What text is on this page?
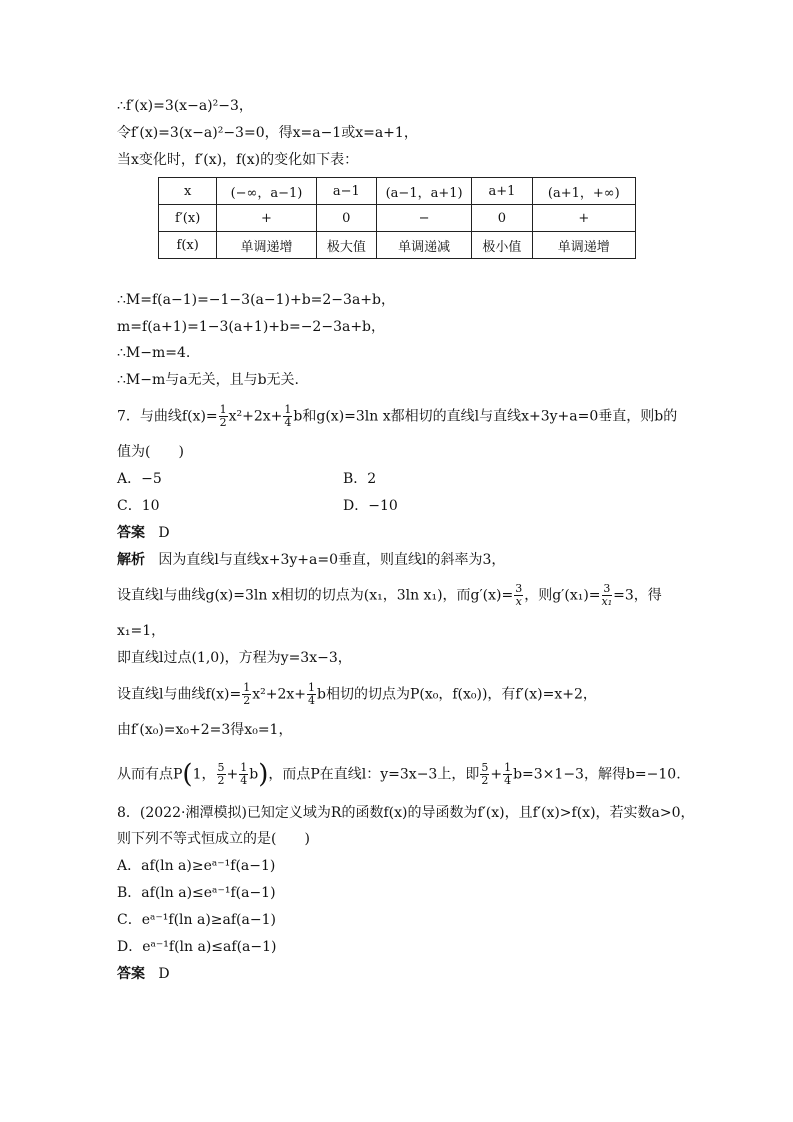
∴f′(x)=3(x−a)²−3，
令f′(x)=3(x−a)²−3=0，得x=a−1或x=a+1，
当x变化时，f′(x)，f(x)的变化如下表：
x	(−∞，a−1)	a−1	(a−1，a+1)	a+1	(a+1，+∞)
f′(x)	+	0	−	0	+
f(x)	单调递增	极大值	单调递减	极小值	单调递增
∴M=f(a−1)=−1−3(a−1)+b=2−3a+b，
m=f(a+1)=1−3(a+1)+b=−2−3a+b，
∴M−m=4.
∴M−m与a无关，且与b无关.
7．与曲线$f(x)= \frac{1}{2} x^2+2x+ \frac{1}{4}$ b和g(x)=3ln x都相切的直线l与直线x+3y+a=0垂直，则b的
值为(　　)
A．−5	B．2
C．10	D．−10
答案 D
解析 因为直线l与直线x+3y+a=0垂直，则直线l的斜率为3，
设直线l与曲线g(x)=3ln x相切的切点为(x₁，3ln x₁)，而$g'(x)= \frac{3}{x}$ ，则$g'(x_1)= \frac{3}{\text{x₁}} =3$，得
x₁=1，
即直线l过点(1,0)，方程为y=3x−3，
设直线l与曲线$f(x)= \frac{1}{2} x^2+2x+ \frac{1}{4}$ b相切的切点为P(x₀，f(x₀))，有f′(x)=x+2，
由f′(x₀)=x₀+2=3得x₀=1，
从而有点P(1， $\frac{5}{2} + \frac{1}{4} b$)，而点P在直线l：y=3x−3上，即 $\frac{5}{2} + \frac{1}{4} b=3\times 1-3$，解得b=−10.
8．(2022·湘潭模拟)已知定义域为R的函数f(x)的导函数为f′(x)，且f′(x)>f(x)，若实数a>0，
则下列不等式恒成立的是(　　)
A．af(ln a)≥eᵃ⁻¹f(a−1)
B．af(ln a)≤eᵃ⁻¹f(a−1)
C．eᵃ⁻¹f(ln a)≥af(a−1)
D．eᵃ⁻¹f(ln a)≤af(a−1)
答案 D
